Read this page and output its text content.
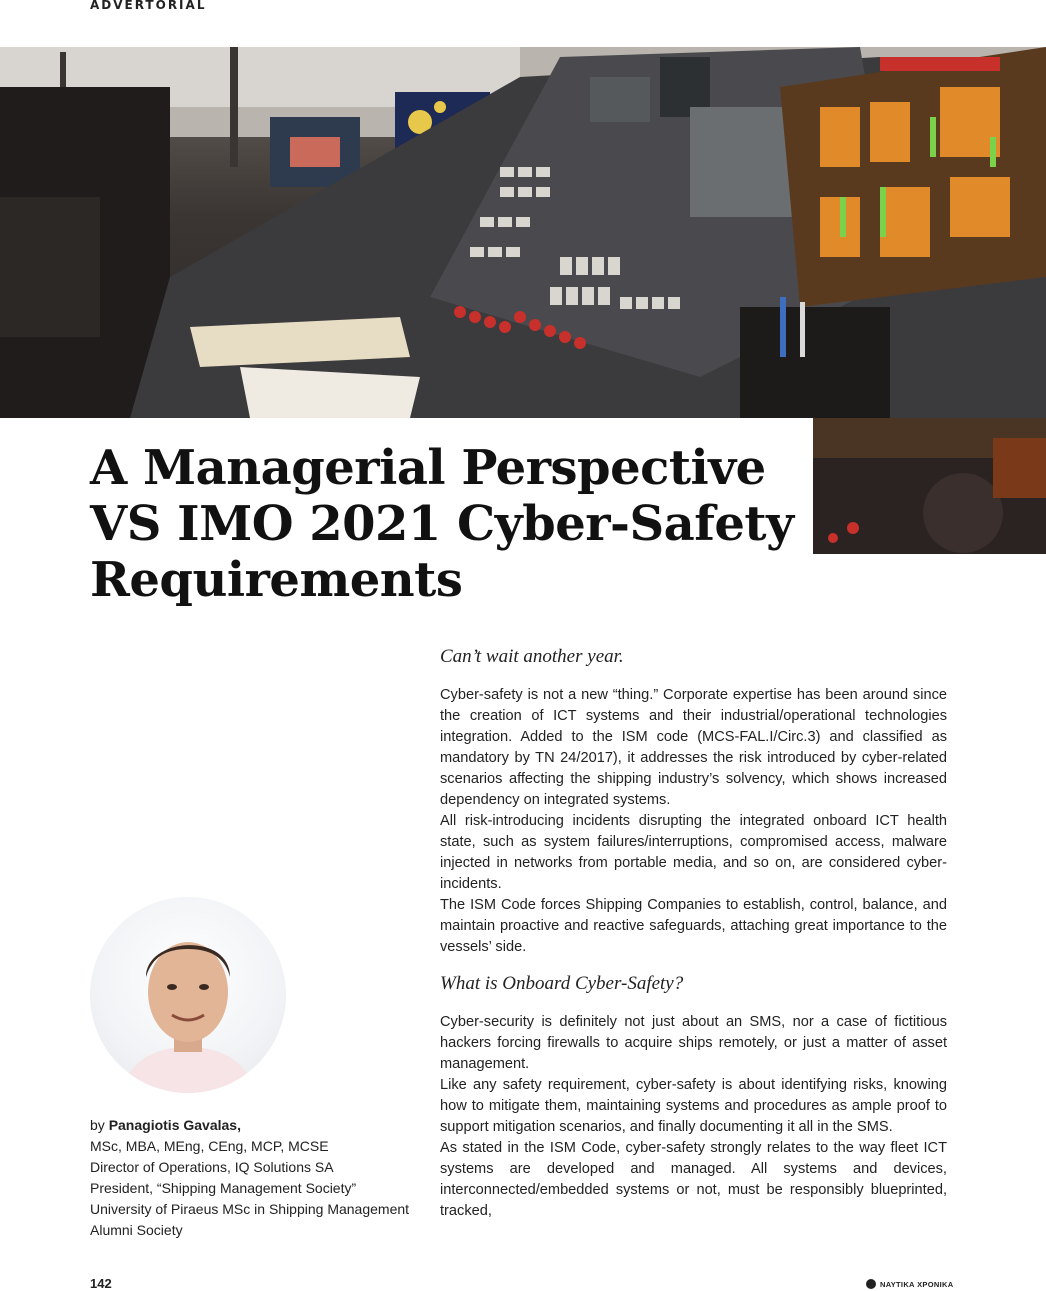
ADVERTORIAL
A Managerial Perspective
VS IMO 2021 Cyber-Safety
Requirements
Can’t wait another year.

Cyber-safety is not a new “thing.” Corporate expertise has been around since the creation of ICT systems and their industrial/operational technologies integration. Added to the ISM code (MCS-FAL.I/Circ.3) and classified as mandatory by TN 24/2017), it addresses the risk introduced by cyber-related scenarios affecting the shipping industry’s solvency, which shows increased dependency on integrated systems.

All risk-introducing incidents disrupting the integrated onboard ICT health state, such as system failures/interruptions, compromised access, malware injected in networks from portable media, and so on, are considered cyber-incidents.

The ISM Code forces Shipping Companies to establish, control, balance, and maintain proactive and reactive safeguards, attaching great importance to the vessels’ side.

What is Onboard Cyber-Safety?

Cyber-security is definitely not just about an SMS, nor a case of fictitious hackers forcing firewalls to acquire ships remotely, or just a matter of asset management.

Like any safety requirement, cyber-safety is about identifying risks, knowing how to mitigate them, maintaining systems and procedures as ample proof to support mitigation scenarios, and finally documenting it all in the SMS.

As stated in the ISM Code, cyber-safety strongly relates to the way fleet ICT systems are developed and managed. All systems and devices, interconnected/embedded systems or not, must be responsibly blueprinted, tracked,

by Panagiotis Gavalas,
MSc, MBA, MEng, CEng, MCP, MCSE
Director of Operations, IQ Solutions SA
President, “Shipping Management Society”
University of Piraeus MSc in Shipping Management
Alumni Society
142	ΝΑΥΤΙΚΑ ΧΡΟΝΙΚΑ
